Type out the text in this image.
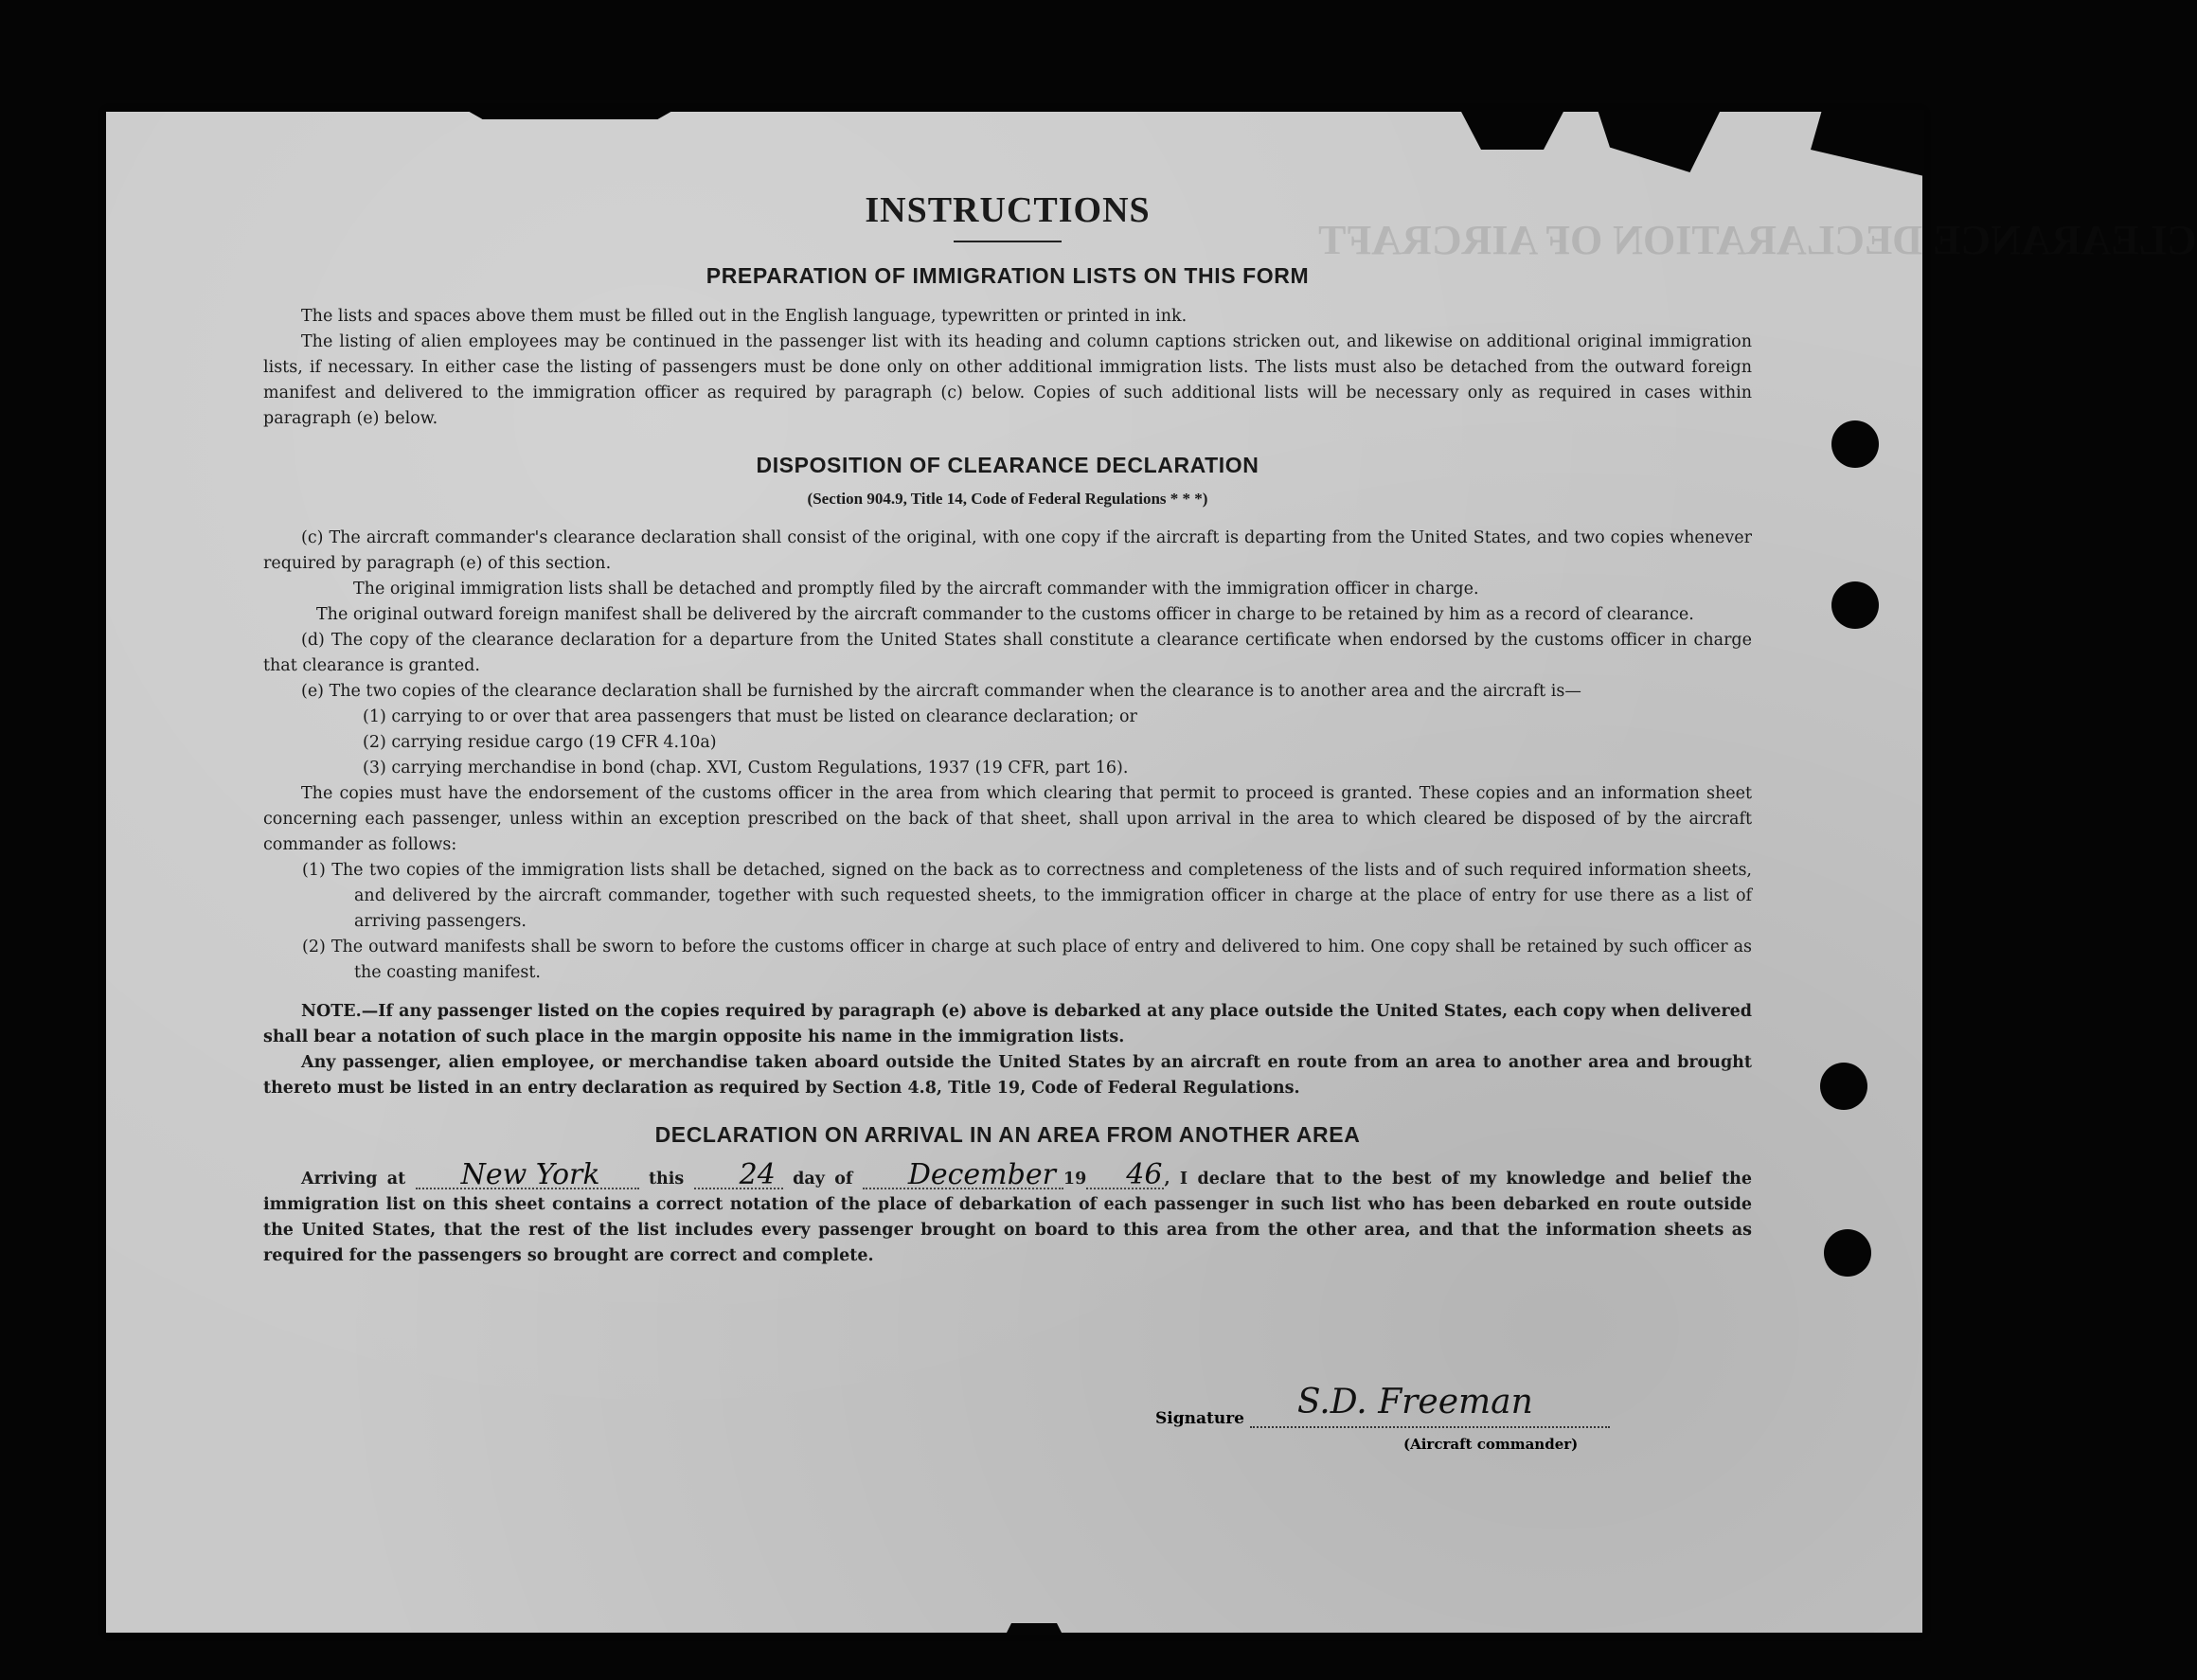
CLEARANCE DECLARATION OF AIRCRAFT
INSTRUCTIONS
PREPARATION OF IMMIGRATION LISTS ON THIS FORM

The lists and spaces above them must be filled out in the English language, typewritten or printed in ink.

The listing of alien employees may be continued in the passenger list with its heading and column captions stricken out, and likewise on additional original immigration lists, if necessary. In either case the listing of passengers must be done only on other additional immigration lists. The lists must also be detached from the outward foreign manifest and delivered to the immigration officer as required by paragraph (c) below. Copies of such additional lists will be necessary only as required in cases within paragraph (e) below.

DISPOSITION OF CLEARANCE DECLARATION
(Section 904.9, Title 14, Code of Federal Regulations * * *)

(c) The aircraft commander's clearance declaration shall consist of the original, with one copy if the aircraft is departing from the United States, and two copies whenever required by paragraph (e) of this section.

The original immigration lists shall be detached and promptly filed by the aircraft commander with the immigration officer in charge.

The original outward foreign manifest shall be delivered by the aircraft commander to the customs officer in charge to be retained by him as a record of clearance.

(d) The copy of the clearance declaration for a departure from the United States shall constitute a clearance certificate when endorsed by the customs officer in charge that clearance is granted.

(e) The two copies of the clearance declaration shall be furnished by the aircraft commander when the clearance is to another area and the aircraft is—

(1) carrying to or over that area passengers that must be listed on clearance declaration; or

(2) carrying residue cargo (19 CFR 4.10a)

(3) carrying merchandise in bond (chap. XVI, Custom Regulations, 1937 (19 CFR, part 16).

The copies must have the endorsement of the customs officer in the area from which clearing that permit to proceed is granted. These copies and an information sheet concerning each passenger, unless within an exception prescribed on the back of that sheet, shall upon arrival in the area to which cleared be disposed of by the aircraft commander as follows:

(1) The two copies of the immigration lists shall be detached, signed on the back as to correctness and completeness of the lists and of such required information sheets, and delivered by the aircraft commander, together with such requested sheets, to the immigration officer in charge at the place of entry for use there as a list of arriving passengers.

(2) The outward manifests shall be sworn to before the customs officer in charge at such place of entry and delivered to him. One copy shall be retained by such officer as the coasting manifest.

NOTE.—If any passenger listed on the copies required by paragraph (e) above is debarked at any place outside the United States, each copy when delivered shall bear a notation of such place in the margin opposite his name in the immigration lists.

Any passenger, alien employee, or merchandise taken aboard outside the United States by an aircraft en route from an area to another area and brought thereto must be listed in an entry declaration as required by Section 4.8, Title 19, Code of Federal Regulations.

DECLARATION ON ARRIVAL IN AN AREA FROM ANOTHER AREA

Arriving at New York	this 24 day of December 19 46 , I declare that to the best of my knowledge and belief the immigration list on this sheet contains a correct notation of the place of debarkation of each passenger in such list who has been debarked en route outside the United States, that the rest of the list includes every passenger brought on board to this area from the other area, and that the information sheets as required for the passengers so brought are correct and complete.

Signature S.D. Freeman
(Aircraft commander)
